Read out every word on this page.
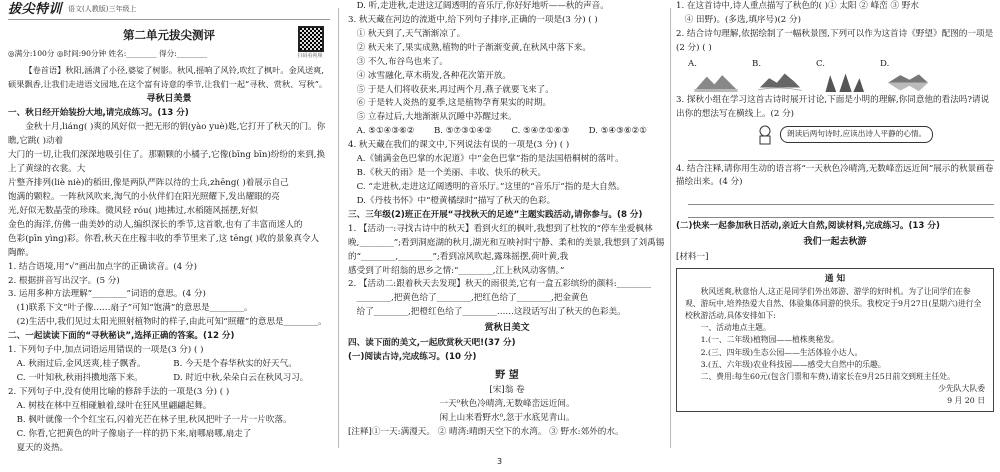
拔尖特训 语文(人教版)三年级上
扫码看视频
第二单元拔尖测评
◎满分:100分 ◎时间:90分钟 姓名:________ 得分:________

【卷首语】秋阳,涵满了小径,婆娑了树影。秋风,摇响了风铃,吹红了枫叶。金风送爽,硕果飘香,让我们走进语文园地,在这个富有诗意的季节,让我们一起“寻秋、赏秋、写秋”。

寻秋日美景

一、秋日经开始装扮大地,请完成练习。(13 分)

金秋十月,liáng( )爽的风好似一把无形的钥(yào yuè)匙,它打开了秋天的门。你瞧,它跳( )动着

大门的一切,让我们深深地吸引住了。那颗颗的小橘子,它像(bīng bīn)纷纷的来到,换上了黄绿的衣裳。大

片整齐排列(liè niè)的稻田,像是两队严阵以待的士兵,zhēng( )着展示自己

饱满的颗粒。一阵秋风吹来,淘气的小伙伴们在阳光照耀下,发出耀眼的亮

光,好似无数晶莹的珍珠。微风轻 róu( )地拂过,水稻随风摇摆,好似

金色的海洋,仿佛一曲美妙的动人,编织深长的季节,这首歌,也有了丰富而迷人的

色彩(pīn yìng)彩。你看,秋天在庄稼丰收的季节里来了,这 tēng( )收的景象真令人

陶醉。

1. 结合语境,用“√”画出加点字的正确读音。(4 分)

2. 根据拼音写出汉字。(5 分)

3. 运用多种方法理解“________”词语的意思。(4 分)

(1)联系下文“叶子像……扇子”可知“饱满”的意思是________。

(2)生活中,我们见过太阳光照射植物时的样子,由此可知“照耀”的意思是________。

二、一起读读下面的“寻秋秘诀”,选择正确的答案。(12 分)

1. 下列句子中,加点词语运用错误的一项是(3 分) ( )

A. 秋雨过后,金风送爽,桂子飘香。	B. 今天是个春华秋实的好天气。
C. 一叶知秋,秋雨抖擞地落下来。	D. 时近中秋,朵朵白云在秋风习习。

2. 下列句子中,没有使用比喻的修辞手法的一项是(3 分) ( )

A. 树枝在林中互相碰触着,绿叶在狂风里翩翩起舞。

B. 枫叶就像一个个红宝石,闪着光芒在林子里,秋风把叶子一片一片吹落。

C. 你看,它把黄色的叶子像扇子一样的扔下来,扇哪扇哪,扇走了

夏天的炎热。

D. 听,走进秋,走进这辽阔透明的音乐厅,你好好地听——秋的声音。

3. 秋天藏在河边的流逝中,给下列句子排序,正确的一项是(3 分) ( )

① 秋天到了,天气渐渐凉了。

② 秋天来了,果实成熟,植物的叶子渐渐变黄,在秋风中落下来。

③ 不久,布谷鸟也来了。

④ 冰雪融化,草木萌发,各种花次第开放。

⑤ 于是人们将收获来,再过两个月,燕子就要飞来了。

⑥ 于是转人炎热的夏季,这是植物孕育果实的时期。

⑤ 立春过后,大地渐渐从沉睡中苏醒过来。

A. ⑤①④③⑥②	B. ⑤⑦③①④②	C. ⑤④⑦①⑥③	D. ⑤④③⑥②①

4. 秋天藏在我们的课文中,下列说法有误的一项是(3 分) ( )

A.《铺满金色巴掌的水泥道》中“金色巴掌”指的是法国梧桐树的落叶。

B.《秋天的雨》是一个美丽、丰收、快乐的秋天。

C. “走进秋,走进这辽阔透明的音乐厅。”这里的“音乐厅”指的是大自然。

D.《丹枝书怀》中“橙黄橘绿时”描写了秋天的色彩。

三、三年级(2)班正在开展“寻找秋天的足迹”主题实践活动,请你参与。(8 分)

1. 【活动一:寻找古诗中的秋天】看到火红的枫叶,我想到了杜牧的“停车坐爱枫林晚,________”;看到洞庭湖的秋月,湖光和互映衬时宁静、柔和的美景,我想到了刘禹锡的“________,________”;看到凉风吹起,露珠摇摆,荷叶黄,我

感受到了叶绍翁的思乡之情:“________,江上秋风动客情。”

2. 【活动二:跟着秋天去发现】秋天的雨很美,它有一盒五彩缤纷的颜料:________

________,把黄色给了________,把红色给了________,把金黄色

给了________,把橙红色给了________……这段话写出了秋天的色彩美。

赏秋日美文

四、读下面的美文,一起欣赏秋天吧!(37 分)

(一)阅读古诗,完成练习。(10 分)

野 望
[宋]翁 卷
一天⁰秋色冷晴湾,无数峰峦远近间。
闲上山来看野水⁰,忽于水底见青山。

[注释]①一天:满漫天。 ② 晴湾:晴朗天空下的水湾。 ③ 野水:郊外的水。

1. 在这首诗中,诗人重点描写了秋色的( )① 太阳 ② 峰峦 ③ 野水

④ 田野)。(多选,填序号)(2 分)

2. 结合诗句理解,依据绘制了一幅秋景图,下列可以作为这首诗《野望》配图的一项是(2 分) ( )

A.	B.	C.	D.

3. 探秋小组在学习这首古诗时展开讨论,下面是小明的理解,你同意他的看法吗?请说出你的想法写在横线上。(2 分)

朗读后两句诗时,应读出诗人平静的心情。

4. 结合注释,请你用生动的语言将“一天秋色冷晴湾,无数峰峦远近间”展示的秋景画卷描绘出来。(4 分)

(二)快来一起参加秋日活动,亲近大自然,阅读材料,完成练习。(13 分)

我们一起去秋游

[材料一]

通 知

秋风送爽,秋意怡人,这正是同学们外出郊游、游学的好时机。为了让同学们在参观、游玩中,培养热爱大自然、体验集体同游的快乐。我校定于9月27日(星期六)进行全校秋游活动,具体安排如下:

一、活动地点主题。

1.(一、二年级)植物园——植株奥秘发。

2.(三、四年级)生态公园——生活体验小达人。

3.(五、六年级)农业科技园——感受大自然中的乐趣。

二、费用:每生60元(包含门票和车费),请家长在9月25日前交到班主任处。

少先队大队委

9 月 20 日

3
